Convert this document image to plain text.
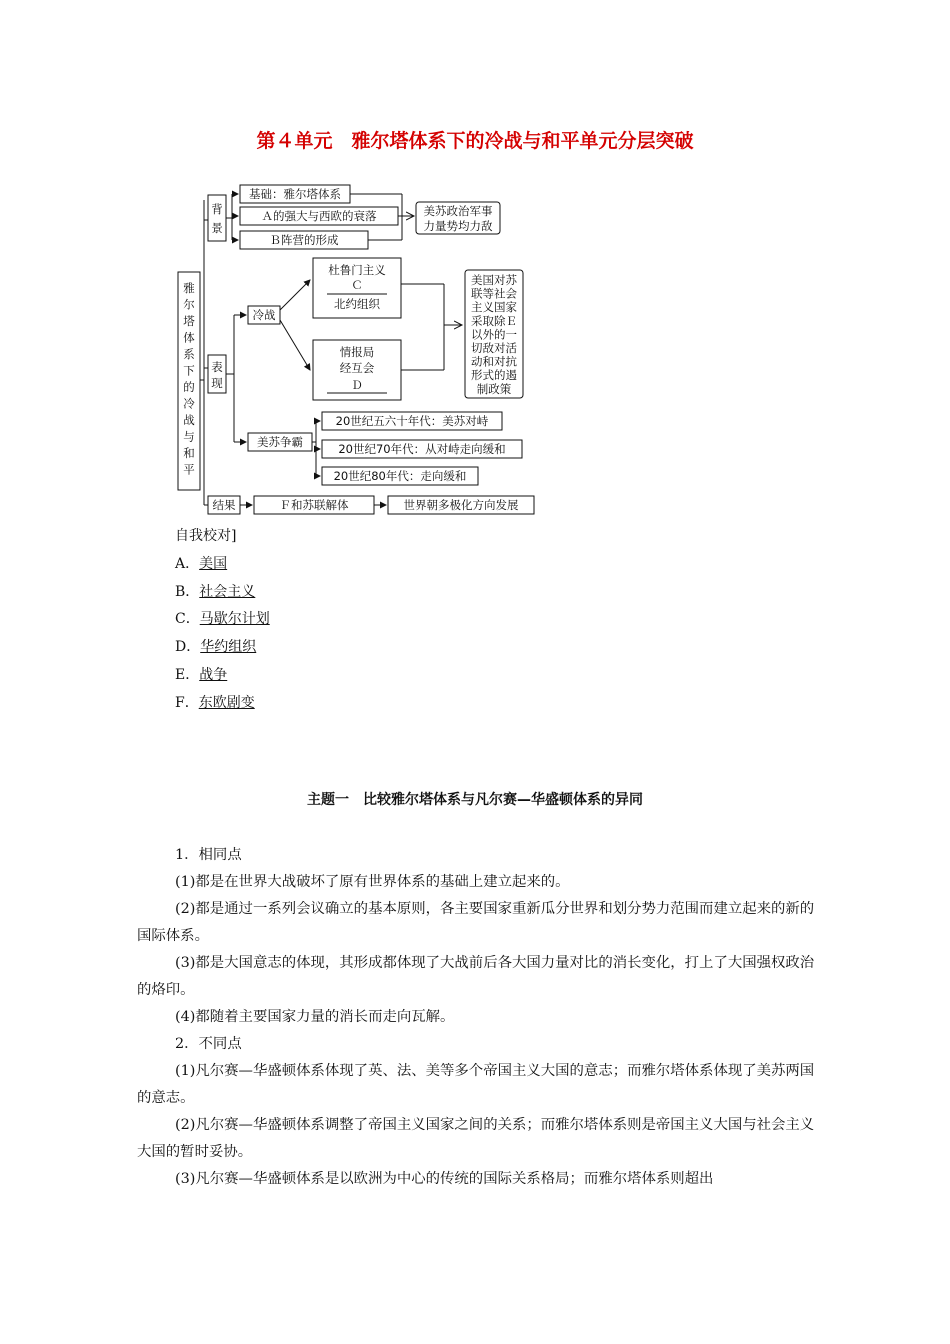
第４单元　雅尔塔体系下的冷战与和平单元分层突破
雅
尔
塔
体
系
下
的
冷
战
与
和
平
背
景
基础：雅尔塔体系
Ａ的强大与西欧的衰落
Ｂ阵营的形成
美苏政治军事
力量势均力敌
表
现
冷战
杜鲁门主义
Ｃ
北约组织
情报局
经互会
Ｄ
美国对苏
联等社会
主义国家
采取除Ｅ
以外的一
切敌对活
动和对抗
形式的遏
制政策
美苏争霸
20世纪五六十年代：美苏对峙
20世纪70年代：从对峙走向缓和
20世纪80年代：走向缓和
结果	Ｆ和苏联解体	世界朝多极化方向发展
自我校对]
A．美国
B．社会主义
C．马歇尔计划
D．华约组织
E．战争
F．东欧剧变
主题一　比较雅尔塔体系与凡尔赛—华盛顿体系的异同
1．相同点
(1)都是在世界大战破坏了原有世界体系的基础上建立起来的。
(2)都是通过一系列会议确立的基本原则，各主要国家重新瓜分世界和划分势力范围而建立起来的新的国际体系。
(3)都是大国意志的体现，其形成都体现了大战前后各大国力量对比的消长变化，打上了大国强权政治的烙印。
(4)都随着主要国家力量的消长而走向瓦解。
2．不同点
(1)凡尔赛—华盛顿体系体现了英、法、美等多个帝国主义大国的意志；而雅尔塔体系体现了美苏两国的意志。
(2)凡尔赛—华盛顿体系调整了帝国主义国家之间的关系；而雅尔塔体系则是帝国主义大国与社会主义大国的暂时妥协。
(3)凡尔赛—华盛顿体系是以欧洲为中心的传统的国际关系格局；而雅尔塔体系则超出
